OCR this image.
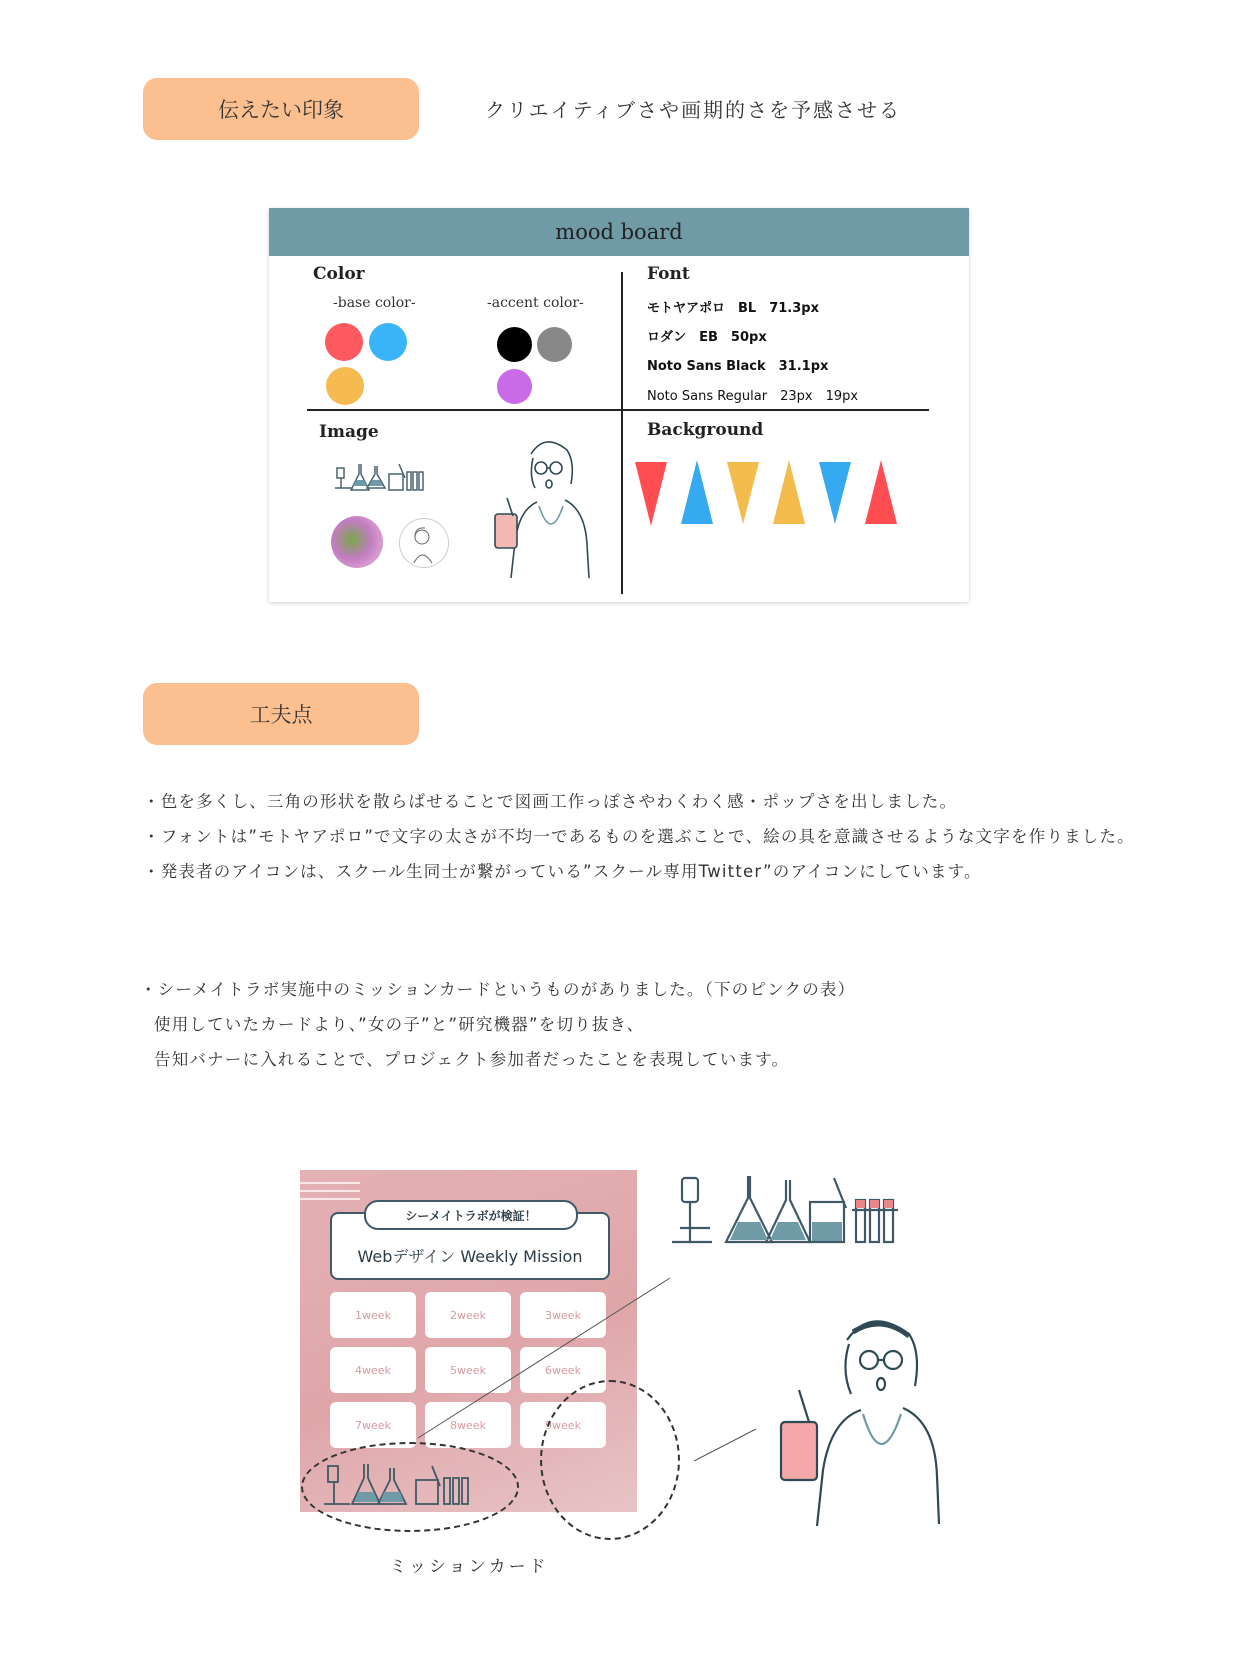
伝えたい印象	クリエイティブさや画期的さを予感させる
mood board
Color
-base color-	-accent color-
Font
モトヤアポロ　BL　71.3px
ロダン　EB　50px
Noto Sans Black　31.1px
Noto Sans Regular　23px　19px
Image	Background
工夫点
・色を多くし、三角の形状を散らばせることで図画工作っぽさやわくわく感・ポップさを出しました。
・フォントは”モトヤアポロ”で文字の太さが不均一であるものを選ぶことで、絵の具を意識させるような文字を作りました。
・発表者のアイコンは、スクール生同士が繋がっている”スクール専用Twitter”のアイコンにしています。
・シーメイトラボ実施中のミッションカードというものがありました。（下のピンクの表）
使用していたカードより、”女の子”と”研究機器”を切り抜き、
告知バナーに入れることで、プロジェクト参加者だったことを表現しています。
Webデザイン Weekly Mission
シーメイトラボが検証！
1week	2week	3week
4week	5week	6week
7week	8week	9week
ミッションカード
